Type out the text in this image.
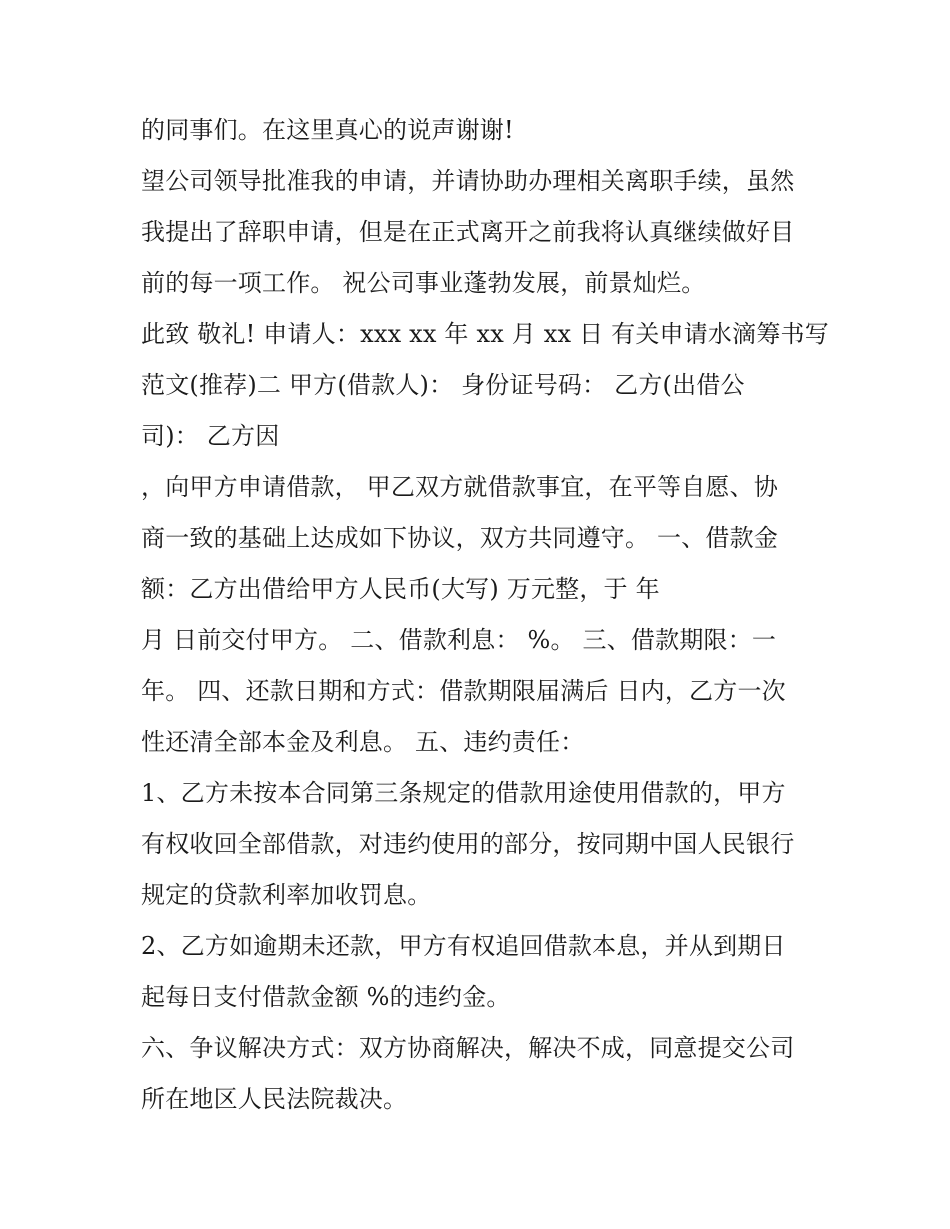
的同事们。在这里真心的说声谢谢!
望公司领导批准我的申请，并请协助办理相关离职手续，虽然
我提出了辞职申请，但是在正式离开之前我将认真继续做好目
前的每一项工作。 祝公司事业蓬勃发展，前景灿烂。
此致 敬礼! 申请人：xxx xx 年 xx 月 xx 日 有关申请水滴筹书写
范文(推荐)二 甲方(借款人)： 身份证号码： 乙方(出借公
司)： 乙方因
，向甲方申请借款， 甲乙双方就借款事宜，在平等自愿、协
商一致的基础上达成如下协议，双方共同遵守。 一、借款金
额：乙方出借给甲方人民币(大写) 万元整，于 年
月 日前交付甲方。 二、借款利息： %。 三、借款期限：一
年。 四、还款日期和方式：借款期限届满后 日内，乙方一次
性还清全部本金及利息。 五、违约责任：
1、乙方未按本合同第三条规定的借款用途使用借款的，甲方
有权收回全部借款，对违约使用的部分，按同期中国人民银行
规定的贷款利率加收罚息。
2、乙方如逾期未还款，甲方有权追回借款本息，并从到期日
起每日支付借款金额 %的违约金。
六、争议解决方式：双方协商解决，解决不成，同意提交公司
所在地区人民法院裁决。
